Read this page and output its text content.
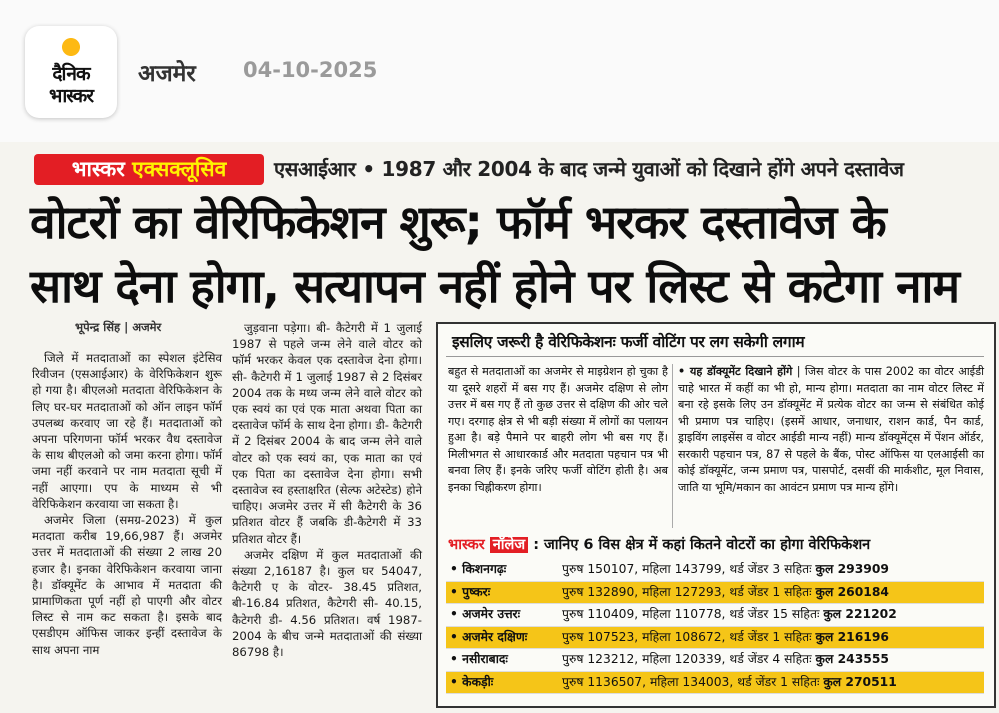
दैनिक
भास्कर
अजमेर 04-10-2025
भास्कर एक्सक्लूसिव	एसआईआर • 1987 और 2004 के बाद जन्मे युवाओं को दिखाने होंगे अपने दस्तावेज
वोटरों का वेरिफिकेशन शुरू; फॉर्म भरकर दस्तावेज के
साथ देना होगा, सत्यापन नहीं होने पर लिस्ट से कटेगा नाम
भूपेन्द्र सिंह | अजमेर

जिले में मतदाताओं का स्पेशल इंटेसिव रिवीजन (एसआईआर) के वेरिफिकेशन शुरू हो गया है। बीएलओ मतदाता वेरिफिकेशन के लिए घर-घर मतदाताओं को ऑन लाइन फॉर्म उपलब्ध करवाए जा रहे हैं। मतदाताओं को अपना परिगणना फॉर्म भरकर वैध दस्तावेज के साथ बीएलओ को जमा करना होगा। फॉर्म जमा नहीं करवाने पर नाम मतदाता सूची में नहीं आएगा। एप के माध्यम से भी वेरिफिकेशन करवाया जा सकता है।

अजमेर जिला (समग्र-2023) में कुल मतदाता करीब 19,66,987 हैं। अजमेर उत्तर में मतदाताओं की संख्या 2 लाख 20 हजार है। इनका वेरिफिकेशन करवाया जाना है। डॉक्यूमेंट के आभाव में मतदाता की प्रामाणिकता पूर्ण नहीं हो पाएगी और वोटर लिस्ट से नाम कट सकता है। इसके बाद एसडीएम ऑफिस जाकर इन्हीं दस्तावेज के साथ अपना नाम

जुड़वाना पड़ेगा। बी- कैटेगरी में 1 जुलाई 1987 से पहले जन्म लेने वाले वोटर को फॉर्म भरकर केवल एक दस्तावेज देना होगा। सी- कैटेगरी में 1 जुलाई 1987 से 2 दिसंबर 2004 तक के मध्य जन्म लेने वाले वोटर को एक स्वयं का एवं एक माता अथवा पिता का दस्तावेज फॉर्म के साथ देना होगा। डी- कैटेगरी में 2 दिसंबर 2004 के बाद जन्म लेने वाले वोटर को एक स्वयं का, एक माता का एवं एक पिता का दस्तावेज देना होगा। सभी दस्तावेज स्व हस्ताक्षरित (सेल्फ अटेस्टेड) होने चाहिए। अजमेर उत्तर में सी कैटेगरी के 36 प्रतिशत वोटर हैं जबकि डी-कैटेगरी में 33 प्रतिशत वोटर हैं।

अजमेर दक्षिण में कुल मतदाताओं की संख्या 2,16187 है। कुल घर 54047, कैटेगरी ए के वोटर- 38.45 प्रतिशत, बी-16.84 प्रतिशत, कैटेगरी सी- 40.15, कैटेगरी डी- 4.56 प्रतिशत। वर्ष 1987- 2004 के बीच जन्मे मतदाताओं की संख्या 86798 है।

इसलिए जरूरी है वेरिफिकेशनः फर्जी वोटिंग पर लग सकेगी लगाम
बहुत से मतदाताओं का अजमेर से माइग्रेशन हो चुका है या दूसरे शहरों में बस गए हैं। अजमेर दक्षिण से लोग उत्तर में बस गए हैं तो कुछ उत्तर से दक्षिण की ओर चले गए। दरगाह क्षेत्र से भी बड़ी संख्या में लोगों का पलायन हुआ है। बड़े पैमाने पर बाहरी लोग भी बस गए हैं। मिलीभगत से आधारकार्ड और मतदाता पहचान पत्र भी बनवा लिए हैं। इनके जरिए फर्जी वोटिंग होती है। अब इनका चिह्नीकरण होगा।
• यह डॉक्यूमेंट दिखाने होंगे | जिस वोटर के पास 2002 का वोटर आईडी चाहे भारत में कहीं का भी हो, मान्य होगा। मतदाता का नाम वोटर लिस्ट में बना रहे इसके लिए उन डॉक्यूमेंट में प्रत्येक वोटर का जन्म से संबंधित कोई भी प्रमाण पत्र चाहिए। (इसमें आधार, जनाधार, राशन कार्ड, पैन कार्ड, ड्राइविंग लाइसेंस व वोटर आईडी मान्य नहीं) मान्य डॉक्यूमेंट्स में पेंशन ऑर्डर, सरकारी पहचान पत्र, 87 से पहले के बैंक, पोस्ट ऑफिस या एलआईसी का कोई डॉक्यूमेंट, जन्म प्रमाण पत्र, पासपोर्ट, दसवीं की मार्कशीट, मूल निवास, जाति या भूमि/मकान का आवंटन प्रमाण पत्र मान्य होंगे।
भास्कर नॉलेज : जानिए 6 विस क्षेत्र में कहां कितने वोटरों का होगा वेरिफिकेशन
• किशनगढ़ः	पुरुष 150107, महिला 143799, थर्ड जेंडर 3 सहितः कुल 293909
• पुष्करः	पुरुष 132890, महिला 127293, थर्ड जेंडर 1 सहितः कुल 260184
• अजमेर उत्तरः	पुरुष 110409, महिला 110778, थर्ड जेंडर 15 सहितः कुल 221202
• अजमेर दक्षिणः	पुरुष 107523, महिला 108672, थर्ड जेंडर 1 सहितः कुल 216196
• नसीराबादः	पुरुष 123212, महिला 120339, थर्ड जेंडर 4 सहितः कुल 243555
• केकड़ीः	पुरुष 1136507, महिला 134003, थर्ड जेंडर 1 सहितः कुल 270511
